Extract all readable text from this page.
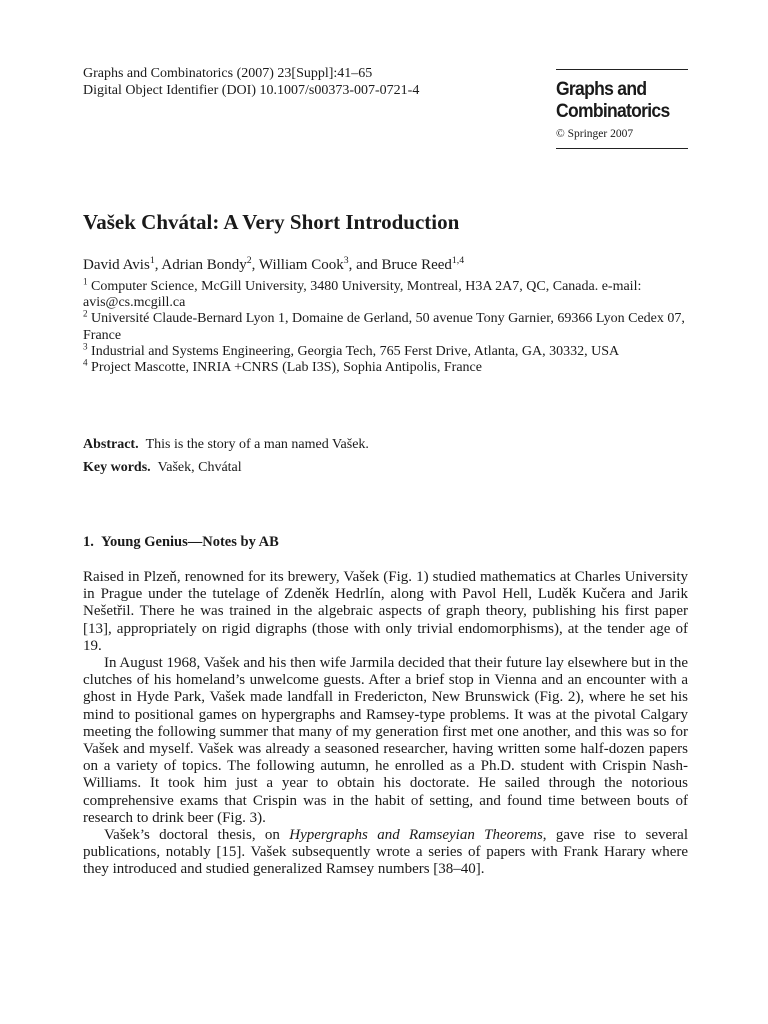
Graphs and Combinatorics (2007) 23[Suppl]:41–65
Digital Object Identifier (DOI) 10.1007/s00373-007-0721-4	Graphs and
Combinatorics
© Springer 2007
Vašek Chvátal: A Very Short Introduction
David Avis$^1$, Adrian Bondy$^2$, William Cook$^3$, and Bruce Reed$^{1,4}$
$^1$ Computer Science, McGill University, 3480 University, Montreal, H3A 2A7, QC, Canada. e-mail: avis@cs.mcgill.ca
$^2$ Université Claude-Bernard Lyon 1, Domaine de Gerland, 50 avenue Tony Garnier, 69366 Lyon Cedex 07, France
$^3$ Industrial and Systems Engineering, Georgia Tech, 765 Ferst Drive, Atlanta, GA, 30332, USA
$^4$ Project Mascotte, INRIA +CNRS (Lab I3S), Sophia Antipolis, France
Abstract. This is the story of a man named Vašek.
Key words. Vašek, Chvátal
1. Young Genius—Notes by AB

Raised in Plzeň, renowned for its brewery, Vašek (Fig. 1) studied mathematics at Charles University in Prague under the tutelage of Zdeněk Hedrlín, along with Pavol Hell, Luděk Kučera and Jarik Nešetřil. There he was trained in the algebraic aspects of graph theory, publishing his first paper [13], appropriately on rigid digraphs (those with only trivial endomorphisms), at the tender age of 19.

In August 1968, Vašek and his then wife Jarmila decided that their future lay elsewhere but in the clutches of his homeland’s unwelcome guests. After a brief stop in Vienna and an encounter with a ghost in Hyde Park, Vašek made landfall in Fredericton, New Brunswick (Fig. 2), where he set his mind to positional games on hypergraphs and Ramsey-type problems. It was at the pivotal Calgary meeting the following summer that many of my generation first met one another, and this was so for Vašek and myself. Vašek was already a seasoned researcher, having written some half-dozen papers on a variety of topics. The following autumn, he enrolled as a Ph.D. student with Crispin Nash-Williams. It took him just a year to obtain his doctorate. He sailed through the notorious comprehensive exams that Crispin was in the habit of setting, and found time between bouts of research to drink beer (Fig. 3).

Vašek’s doctoral thesis, on Hypergraphs and Ramseyian Theorems, gave rise to several publications, notably [15]. Vašek subsequently wrote a series of papers with Frank Harary where they introduced and studied generalized Ramsey numbers [38–40].
